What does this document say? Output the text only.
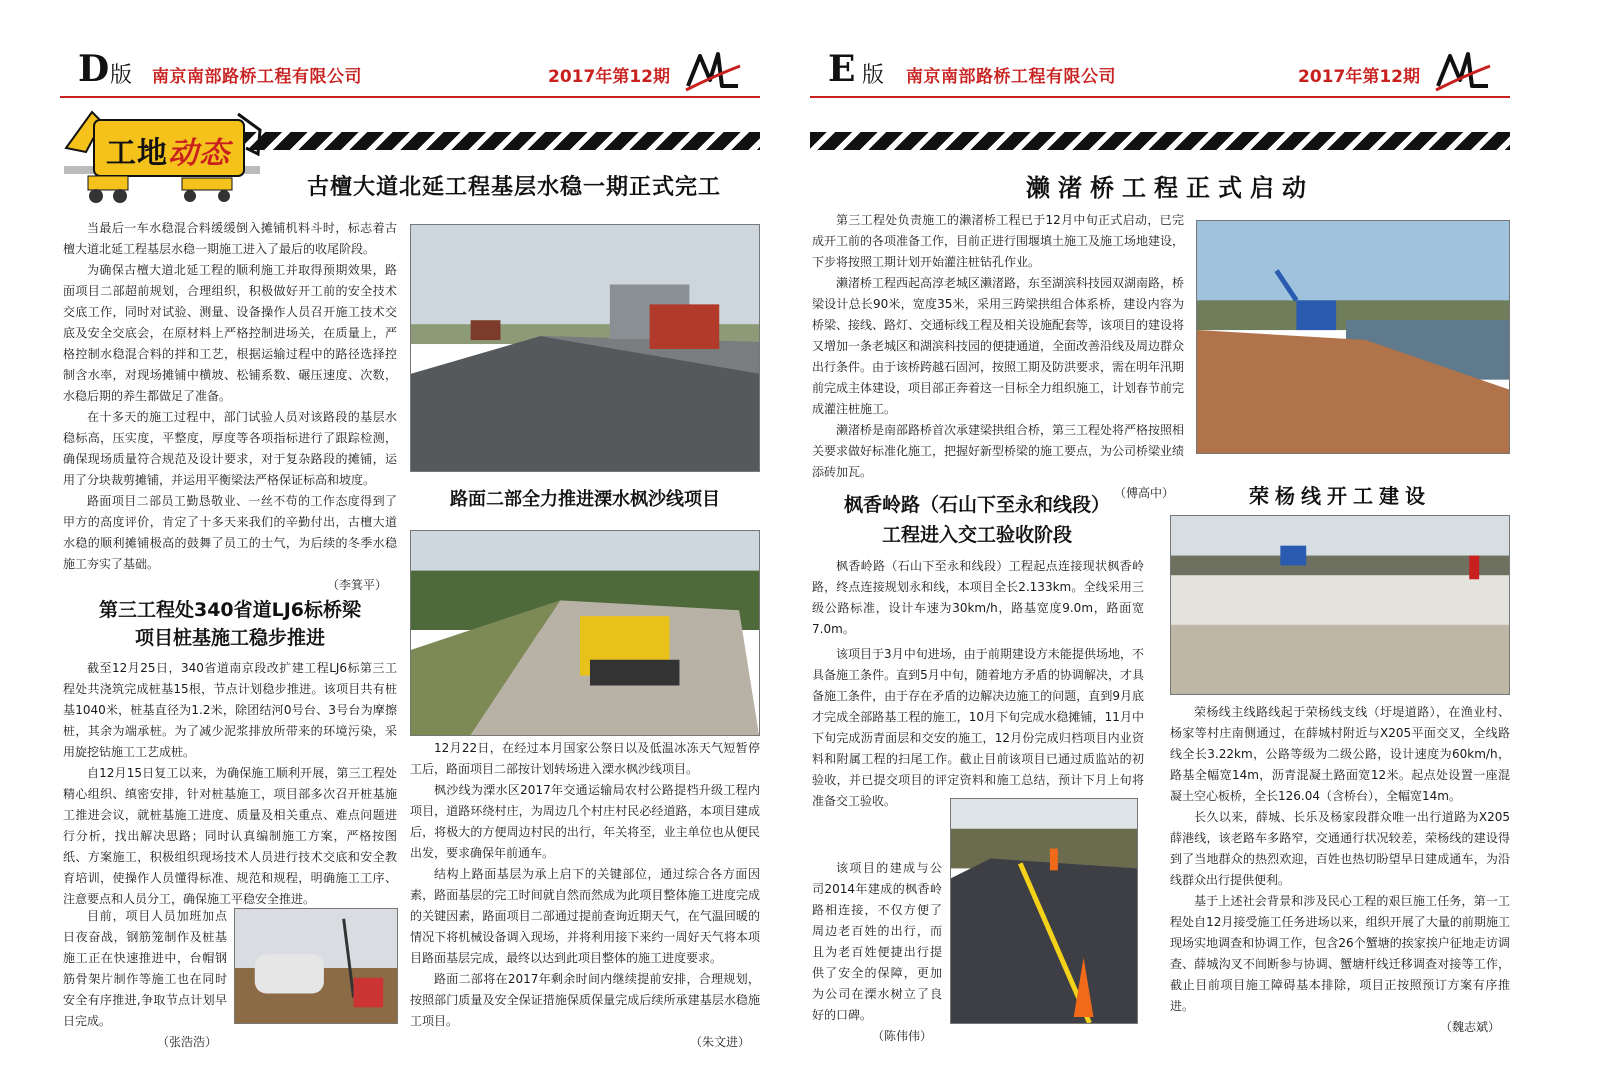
D 版 南京南部路桥工程有限公司	2017年第12期
工地动态
古檀大道北延工程基层水稳一期正式完工

当最后一车水稳混合料缓缓倒入摊铺机料斗时，标志着古檀大道北延工程基层水稳一期施工进入了最后的收尾阶段。

为确保古檀大道北延工程的顺利施工并取得预期效果，路面项目二部超前规划，合理组织，积极做好开工前的安全技术交底工作，同时对试验、测量、设备操作人员召开施工技术交底及安全交底会，在原材料上严格控制进场关，在质量上，严格控制水稳混合料的拌和工艺，根据运输过程中的路径选择控制含水率，对现场摊铺中横坡、松铺系数、碾压速度、次数，水稳后期的养生都做足了准备。

在十多天的施工过程中，部门试验人员对该路段的基层水稳标高，压实度，平整度，厚度等各项指标进行了跟踪检测，确保现场质量符合规范及设计要求，对于复杂路段的摊铺，运用了分块裁剪摊铺，并运用平衡梁法严格保证标高和坡度。

路面项目二部员工勤恳敬业、一丝不苟的工作态度得到了甲方的高度评价，肯定了十多天来我们的辛勤付出，古檀大道水稳的顺利摊铺极高的鼓舞了员工的士气，为后续的冬季水稳施工夯实了基础。

（李箕平）

第三工程处340省道LJ6标桥梁
项目桩基施工稳步推进

截至12月25日，340省道南京段改扩建工程LJ6标第三工程处共浇筑完成桩基15根，节点计划稳步推进。该项目共有桩基1040米，桩基直径为1.2米，除团结河0号台、3号台为摩擦桩，其余为端承桩。为了减少泥浆排放所带来的环境污染，采用旋挖钻施工工艺成桩。

自12月15日复工以来，为确保施工顺利开展，第三工程处精心组织、缜密安排，针对桩基施工，项目部多次召开桩基施工推进会议，就桩基施工进度、质量及相关重点、难点问题进行分析，找出解决思路；同时认真编制施工方案，严格按图纸、方案施工，积极组织现场技术人员进行技术交底和安全教育培训，使操作人员懂得标准、规范和规程，明确施工工序、注意要点和人员分工，确保施工平稳安全推进。

目前，项目人员加班加点日夜奋战，钢筋笼制作及桩基施工正在快速推进中，台帽钢筋骨架片制作等施工也在同时安全有序推进,争取节点计划早日完成。

（张浩浩）

路面二部全力推进溧水枫沙线项目

12月22日，在经过本月国家公祭日以及低温冰冻天气短暂停工后，路面项目二部按计划转场进入溧水枫沙线项目。

枫沙线为溧水区2017年交通运输局农村公路提档升级工程内项目，道路环绕村庄，为周边几个村庄村民必经道路，本项目建成后，将极大的方便周边村民的出行，年关将至，业主单位也从便民出发，要求确保年前通车。

结构上路面基层为承上启下的关键部位，通过综合各方面因素，路面基层的完工时间就自然而然成为此项目整体施工进度完成的关键因素，路面项目二部通过提前查询近期天气，在气温回暖的情况下将机械设备调入现场，并将利用接下来约一周好天气将本项目路面基层完成，最终以达到此项目整体的施工进度要求。

路面二部将在2017年剩余时间内继续提前安排，合理规划，按照部门质量及安全保证措施保质保量完成后续所承建基层水稳施工项目。

（朱文进）

E 版 南京南部路桥工程有限公司	2017年第12期
濑渚桥工程正式启动

第三工程处负责施工的濑渚桥工程已于12月中旬正式启动，已完成开工前的各项准备工作，目前正进行围堰填土施工及施工场地建设，下步将按照工期计划开始灌注桩钻孔作业。

濑渚桥工程西起高淳老城区濑渚路，东至湖滨科技园双湖南路，桥梁设计总长90米，宽度35米，采用三跨梁拱组合体系桥，建设内容为桥梁、接线、路灯、交通标线工程及相关设施配套等，该项目的建设将又增加一条老城区和湖滨科技园的便捷通道，全面改善沿线及周边群众出行条件。由于该桥跨越石固河，按照工期及防洪要求，需在明年汛期前完成主体建设，项目部正奔着这一目标全力组织施工，计划春节前完成灌注桩施工。

濑渚桥是南部路桥首次承建梁拱组合桥，第三工程处将严格按照相关要求做好标准化施工，把握好新型桥梁的施工要点，为公司桥梁业绩添砖加瓦。

（傅高中）

枫香岭路（石山下至永和线段）
工程进入交工验收阶段

枫香岭路（石山下至永和线段）工程起点连接现状枫香岭路，终点连接规划永和线，本项目全长2.133km。全线采用三级公路标准，设计车速为30km/h，路基宽度9.0m，路面宽7.0m。

该项目于3月中旬进场，由于前期建设方未能提供场地，不具备施工条件。直到5月中旬，随着地方矛盾的协调解决，才具备施工条件，由于存在矛盾的边解决边施工的问题，直到9月底才完成全部路基工程的施工，10月下旬完成水稳摊铺，11月中下旬完成沥青面层和交安的施工，12月份完成归档项目内业资料和附属工程的扫尾工作。截止目前该项目已通过质监站的初验收，并已提交项目的评定资料和施工总结，预计下月上旬将准备交工验收。

该项目的建成与公司2014年建成的枫香岭路相连接，不仅方便了周边老百姓的出行，而且为老百姓便捷出行提供了安全的保障，更加为公司在溧水树立了良好的口碑。

（陈伟伟）

荣杨线开工建设

荣杨线主线路线起于荣杨线支线（圩堤道路），在渔业村、杨家等村庄南侧通过，在薛城村附近与X205平面交叉，全线路线全长3.22km，公路等级为二级公路，设计速度为60km/h，路基全幅宽14m，沥青混凝土路面宽12米。起点处设置一座混凝土空心板桥，全长126.04（含桥台），全幅宽14m。

长久以来，薛城、长乐及杨家段群众唯一出行道路为X205薛港线，该老路车多路窄，交通通行状况较差，荣杨线的建设得到了当地群众的热烈欢迎，百姓也热切盼望早日建成通车，为沿线群众出行提供便利。

基于上述社会背景和涉及民心工程的艰巨施工任务，第一工程处自12月接受施工任务进场以来，组织开展了大量的前期施工现场实地调查和协调工作，包含26个蟹塘的挨家挨户征地走访调查、薛城沟叉不间断参与协调、蟹塘杆线迁移调查对接等工作，截止目前项目施工障碍基本排除，项目正按照预订方案有序推进。

（魏志斌）
